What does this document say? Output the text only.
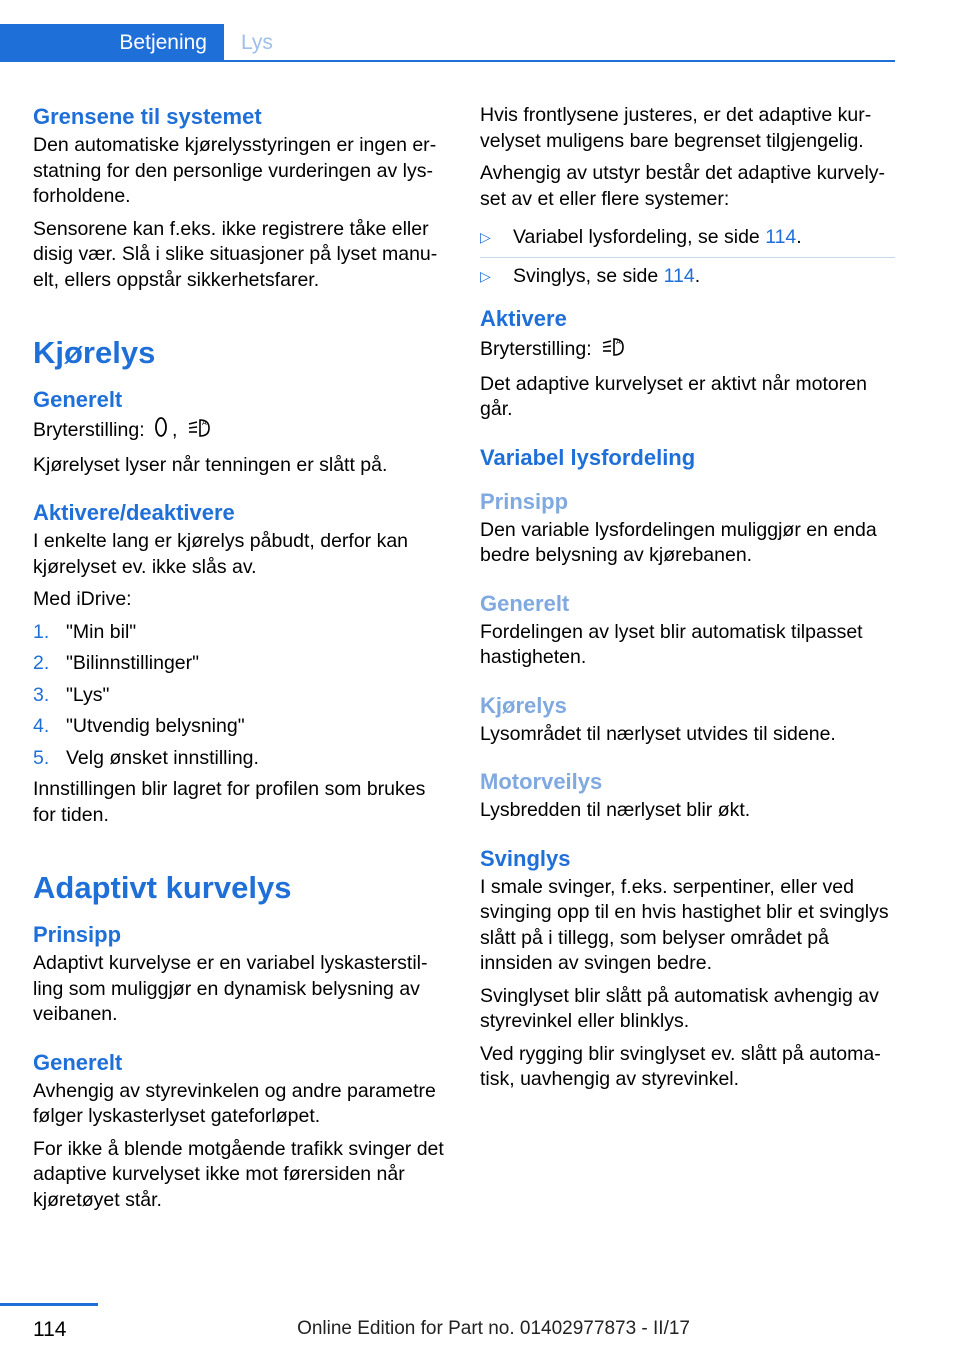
Betjening	Lys
Grensene til systemet

Den automatiske kjørelysstyringen er ingen erstatning for den personlige vurderingen av lysforholdene.

Sensorene kan f.eks. ikke registrere tåke eller disig vær. Slå i slike situasjoner på lyset manuelt, ellers oppstår sikkerhetsfarer.

Kjørelys
Generelt

Bryterstilling: ,	A

Kjørelyset lyser når tenningen er slått på.

Aktivere/deaktivere

I enkelte lang er kjørelys påbudt, derfor kan kjørelyset ev. ikke slås av.

Med iDrive:

1. "Min bil"
2. "Bilinnstillinger"
3. "Lys"
4. "Utvendig belysning"
5. Velg ønsket innstilling.

Innstillingen blir lagret for profilen som brukes for tiden.

Adaptivt kurvelys
Prinsipp

Adaptivt kurvelyse er en variabel lyskasterstilling som muliggjør en dynamisk belysning av veibanen.

Generelt

Avhengig av styrevinkelen og andre parametre følger lyskasterlyset gateforløpet.

For ikke å blende motgående trafikk svinger det adaptive kurvelyset ikke mot førersiden når kjøretøyet står.

Hvis frontlysene justeres, er det adaptive kurvelyset muligens bare begrenset tilgjengelig.

Avhengig av utstyr består det adaptive kurvelyset av et eller flere systemer:

▷	Variabel lysfordeling, se side 114.
▷	Svinglys, se side 114.
Aktivere

Bryterstilling:	A

Det adaptive kurvelyset er aktivt når motoren går.

Variabel lysfordeling
Prinsipp

Den variable lysfordelingen muliggjør en enda bedre belysning av kjørebanen.

Generelt

Fordelingen av lyset blir automatisk tilpasset hastigheten.

Kjørelys

Lysområdet til nærlyset utvides til sidene.

Motorveilys

Lysbredden til nærlyset blir økt.

Svinglys

I smale svinger, f.eks. serpentiner, eller ved svinging opp til en hvis hastighet blir et svinglys slått på i tillegg, som belyser området på innsiden av svingen bedre.

Svinglyset blir slått på automatisk avhengig av styrevinkel eller blinklys.

Ved rygging blir svinglyset ev. slått på automatisk, uavhengig av styrevinkel.

114	Online Edition for Part no. 01402977873 - II/17
